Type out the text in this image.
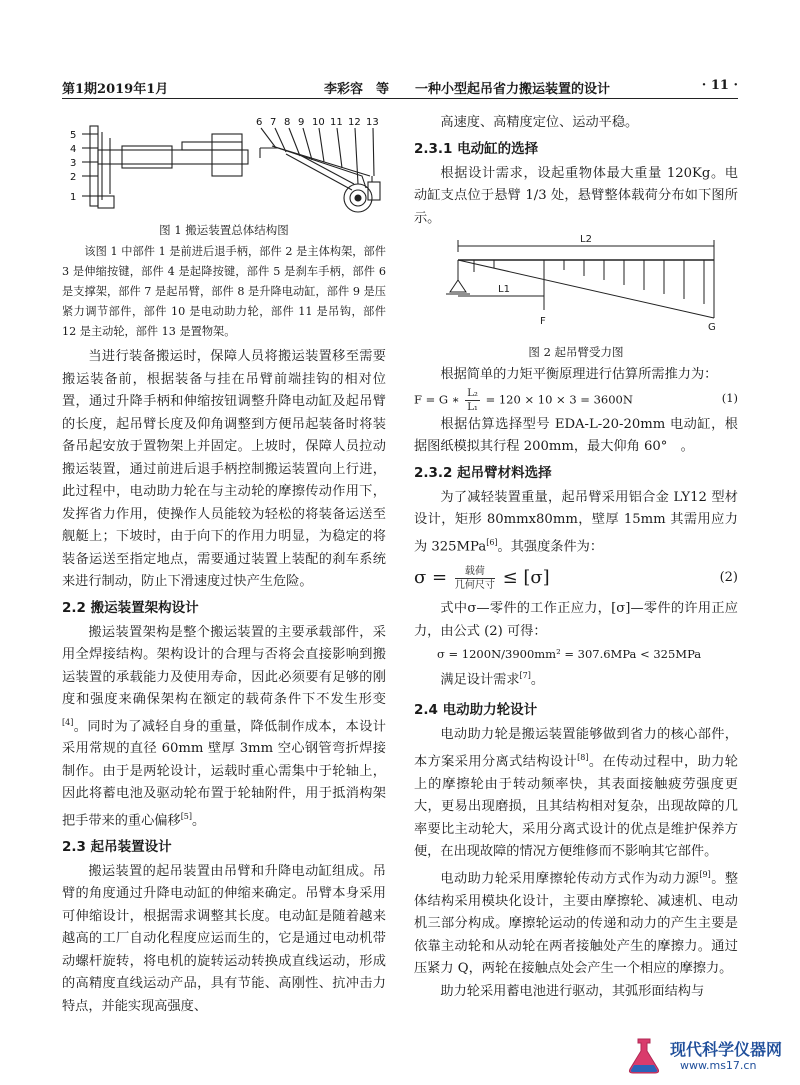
第1期2019年1月	李彩容　等　　一种小型起吊省力搬运装置的设计	· 11 ·
5
4
3
2
1
6 7 8 9 10 11 12 13
图 1 搬运装置总体结构图

该图 1 中部件 1 是前进后退手柄，部件 2 是主体构架，部件 3 是伸缩按键，部件 4 是起降按键，部件 5 是刹车手柄，部件 6 是支撑架，部件 7 是起吊臂，部件 8 是升降电动缸，部件 9 是压紧力调节部件，部件 10 是电动助力轮，部件 11 是吊钩，部件 12 是主动轮，部件 13 是置物架。

当进行装备搬运时，保障人员将搬运装置移至需要搬运装备前，根据装备与挂在吊臂前端挂钩的相对位置，通过升降手柄和伸缩按钮调整升降电动缸及起吊臂的长度，起吊臂长度及仰角调整到方便吊起装备时将装备吊起安放于置物架上并固定。上坡时，保障人员拉动搬运装置，通过前进后退手柄控制搬运装置向上行进，此过程中，电动助力轮在与主动轮的摩擦传动作用下，发挥省力作用，使操作人员能较为轻松的将装备运送至舰艇上；下坡时，由于向下的作用力明显，为稳定的将装备运送至指定地点，需要通过装置上装配的刹车系统来进行制动，防止下滑速度过快产生危险。

2.2 搬运装置架构设计

搬运装置架构是整个搬运装置的主要承载部件，采用全焊接结构。架构设计的合理与否将会直接影响到搬运装置的承载能力及使用寿命，因此必须要有足够的刚度和强度来确保架构在额定的载荷条件下不发生形变[4]。同时为了减轻自身的重量，降低制作成本，本设计采用常规的直径 60mm 壁厚 3mm 空心钢管弯折焊接制作。由于是两轮设计，运载时重心需集中于轮轴上，因此将蓄电池及驱动轮布置于轮轴附件，用于抵消构架把手带来的重心偏移[5]。

2.3 起吊装置设计

搬运装置的起吊装置由吊臂和升降电动缸组成。吊臂的角度通过升降电动缸的伸缩来确定。吊臂本身采用可伸缩设计，根据需求调整其长度。电动缸是随着越来越高的工厂自动化程度应运而生的，它是通过电动机带动螺杆旋转，将电机的旋转运动转换成直线运动，形成的高精度直线运动产品，具有节能、高刚性、抗冲击力特点，并能实现高强度、

高速度、高精度定位、运动平稳。

2.3.1 电动缸的选择

根据设计需求，设起重物体最大重量 120Kg。电动缸支点位于悬臂 1/3 处，悬臂整体载荷分布如下图所示。

L2
L1
F
G
图 2 起吊臂受力图

根据简单的力矩平衡原理进行估算所需推力为：

F = G ∗ $\frac{\text{L₂}}{\text{L₁}} = 120 \times 10 \times 3 = 3600N$	(1)

根据估算选择型号 EDA-L-20-20mm 电动缸，根据图纸模拟其行程 200mm，最大仰角 60°　。

2.3.2 起吊臂材料选择

为了减轻装置重量，起吊臂采用铝合金 LY12 型材设计，矩形 80mmx80mm，壁厚 15mm 其需用应力为 325MPa[6]。其强度条件为：

$\sigma = \frac{\text{载荷}}{\text{几何尺寸}} \le [\sigma]$	(2)

式中σ—零件的工作正应力，[σ]—零件的许用正应力，由公式 (2) 可得：

σ = 1200N/3900mm² = 307.6MPa < 325MPa

满足设计需求[7]。

2.4 电动助力轮设计

电动助力轮是搬运装置能够做到省力的核心部件，本方案采用分离式结构设计[8]。在传动过程中，助力轮上的摩擦轮由于转动频率快，其表面接触疲劳强度更大，更易出现磨损，且其结构相对复杂，出现故障的几率要比主动轮大，采用分离式设计的优点是维护保养方便，在出现故障的情况方便维修而不影响其它部件。

电动助力轮采用摩擦轮传动方式作为动力源[9]。整体结构采用模块化设计，主要由摩擦轮、减速机、电动机三部分构成。摩擦轮运动的传递和动力的产生主要是依靠主动轮和从动轮在两者接触处产生的摩擦力。通过压紧力 Q，两轮在接触点处会产生一个相应的摩擦力。

助力轮采用蓄电池进行驱动，其弧形面结构与

现代科学仪器网
www.ms17.cn
